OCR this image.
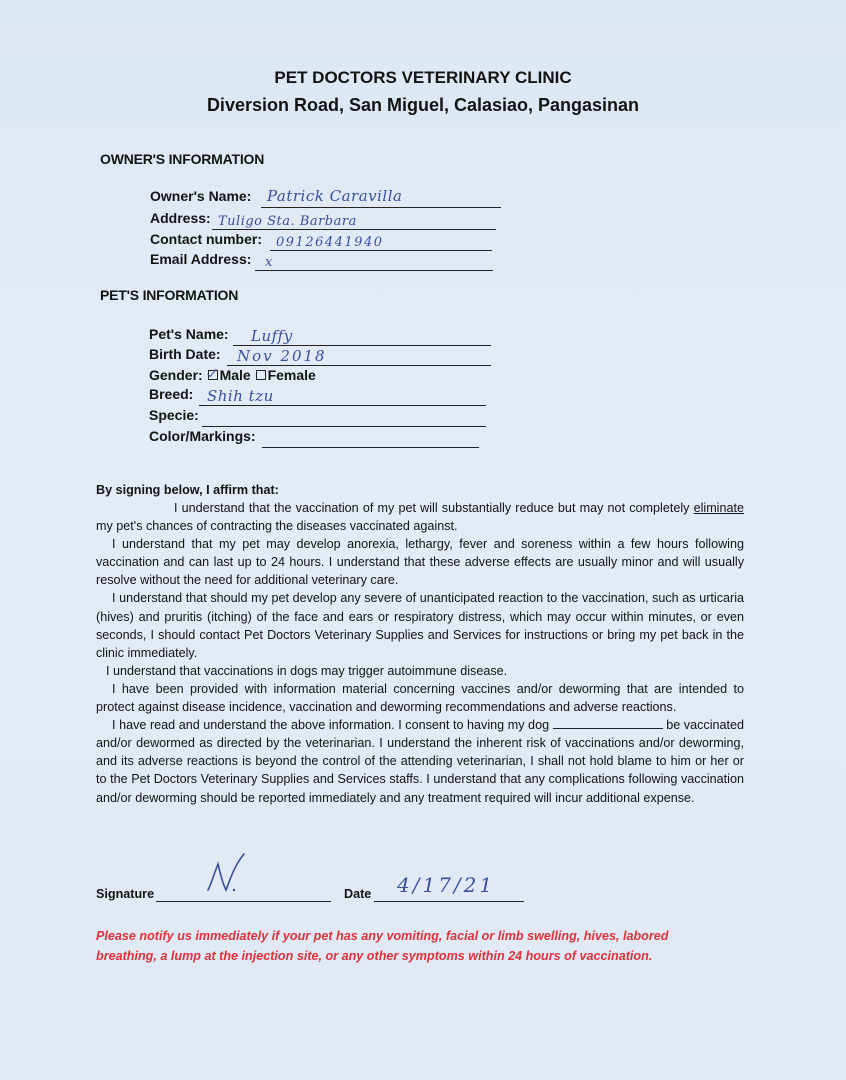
PET DOCTORS VETERINARY CLINIC
Diversion Road, San Miguel, Calasiao, Pangasinan
OWNER'S INFORMATION
Owner's Name: Patrick Caravilla
Address: Tuligo Sta. Barbara
Contact number: 09126441940
Email Address: x
PET'S INFORMATION
Pet's Name: Luffy
Birth Date: Nov 2018
Gender: Male Female
Breed: Shih tzu
Specie:
Color/Markings:
By signing below, I affirm that:

I understand that the vaccination of my pet will substantially reduce but may not completely eliminate my pet's chances of contracting the diseases vaccinated against.

I understand that my pet may develop anorexia, lethargy, fever and soreness within a few hours following vaccination and can last up to 24 hours. I understand that these adverse effects are usually minor and will usually resolve without the need for additional veterinary care.

I understand that should my pet develop any severe of unanticipated reaction to the vaccination, such as urticaria (hives) and pruritis (itching) of the face and ears or respiratory distress, which may occur within minutes, or even seconds, I should contact Pet Doctors Veterinary Supplies and Services for instructions or bring my pet back in the clinic immediately.

I understand that vaccinations in dogs may trigger autoimmune disease.

I have been provided with information material concerning vaccines and/or deworming that are intended to protect against disease incidence, vaccination and deworming recommendations and adverse reactions.

I have read and understand the above information. I consent to having my dog	be vaccinated and/or dewormed as directed by the veterinarian. I understand the inherent risk of vaccinations and/or deworming, and its adverse reactions is beyond the control of the attending veterinarian, I shall not hold blame to him or her or to the Pet Doctors Veterinary Supplies and Services staffs. I understand that any complications following vaccination and/or deworming should be reported immediately and any treatment required will incur additional expense.

Signature	Date 4/17/21
Please notify us immediately if your pet has any vomiting, facial or limb swelling, hives, labored breathing, a lump at the injection site, or any other symptoms within 24 hours of vaccination.
